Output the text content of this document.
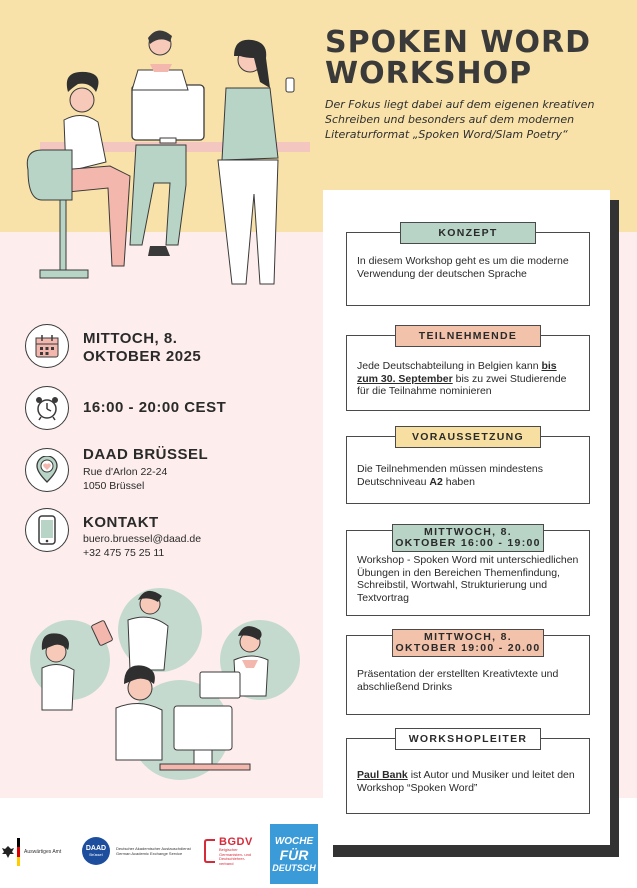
SPOKEN WORD
WORKSHOP
Der Fokus liegt dabei auf dem eigenen kreativen Schreiben und besonders auf dem modernen Literaturformat „Spoken Word/Slam Poetry“
MITTOCH, 8.
OKTOBER 2025
16:00 - 20:00 CEST
DAAD BRÜSSEL
Rue d'Arlon 22-24
1050 Brüssel
KONTAKT
buero.bruessel@daad.de
+32 475 75 25 11
KONZEPT
In diesem Workshop geht es um die moderne Verwendung der deutschen Sprache
TEILNEHMENDE
Jede Deutschabteilung in Belgien kann bis zum 30. September bis zu zwei Studierende für die Teilnahme nominieren
VORAUSSETZUNG
Die Teilnehmenden müssen mindestens Deutschniveau A2 haben
MITTWOCH, 8.
OKTOBER 16:00 - 19:00
Workshop - Spoken Word mit unterschiedlichen Übungen in den Bereichen Themenfindung, Schreibstil, Wortwahl, Strukturierung und Textvortrag
MITTWOCH, 8.
OKTOBER 19:00 - 20.00
Präsentation der erstellten Kreativtexte und abschließend Drinks
WORKSHOPLEITER
Paul Bank ist Autor und Musiker und leitet den Workshop “Spoken Word”
Auswärtiges Amt	DAAD
Brüssel
Deutscher Akademischer Austauschdienst
German Academic Exchange Service
BGDV
Belgischer
Germanisten- und
Deutschlehrer-
verband
WOCHE
FÜR
DEUTSCH
